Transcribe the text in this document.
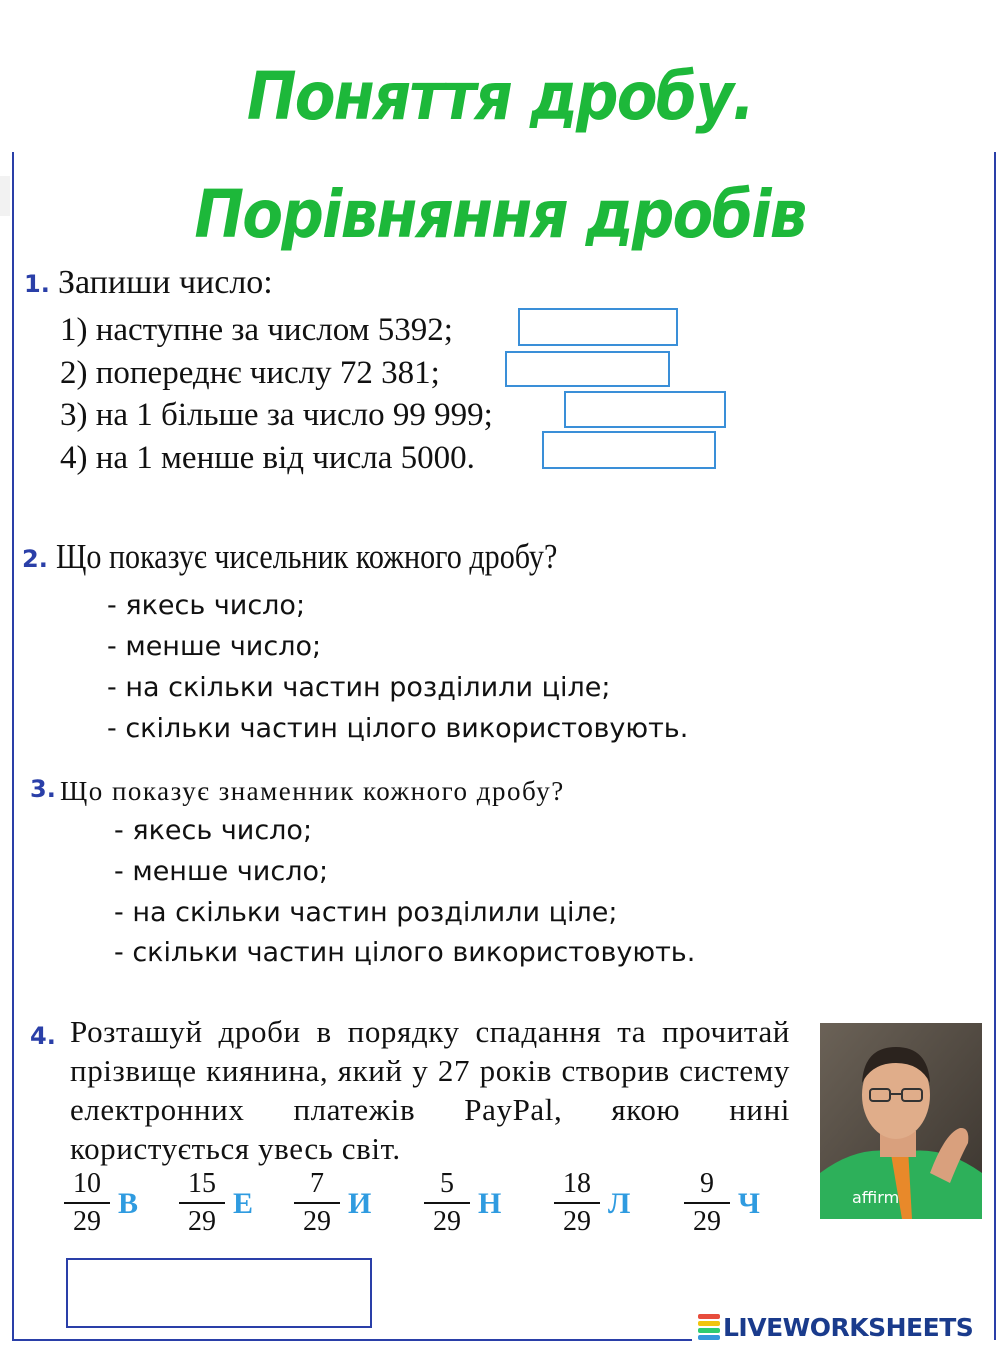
Поняття дробу.
Порівняння дробів
1. Запиши число:
1) наступне за числом 5392;
2) попереднє числу 72 381;
3) на 1 більше за число 99 999;
4) на 1 менше від числа 5000.
2. Що показує чисельник кожного дробу?
- якесь число;
- менше число;
- на скільки частин розділили ціле;
- скільки частин цілого використовують.
3. Що показує знаменник кожного дробу?
- якесь число;
- менше число;
- на скільки частин розділили ціле;
- скільки частин цілого використовують.
4. Розташуй дроби в порядку спадання та прочитай прізвище киянина, який у 27 років створив систему електронних платежів PayPal, якою нині користується увесь світ.

10
29
В
15
29
Е
7
29
И
5
29
Н
18
29
Л
9
29
Ч	affirm
LIVEWORKSHEETS
